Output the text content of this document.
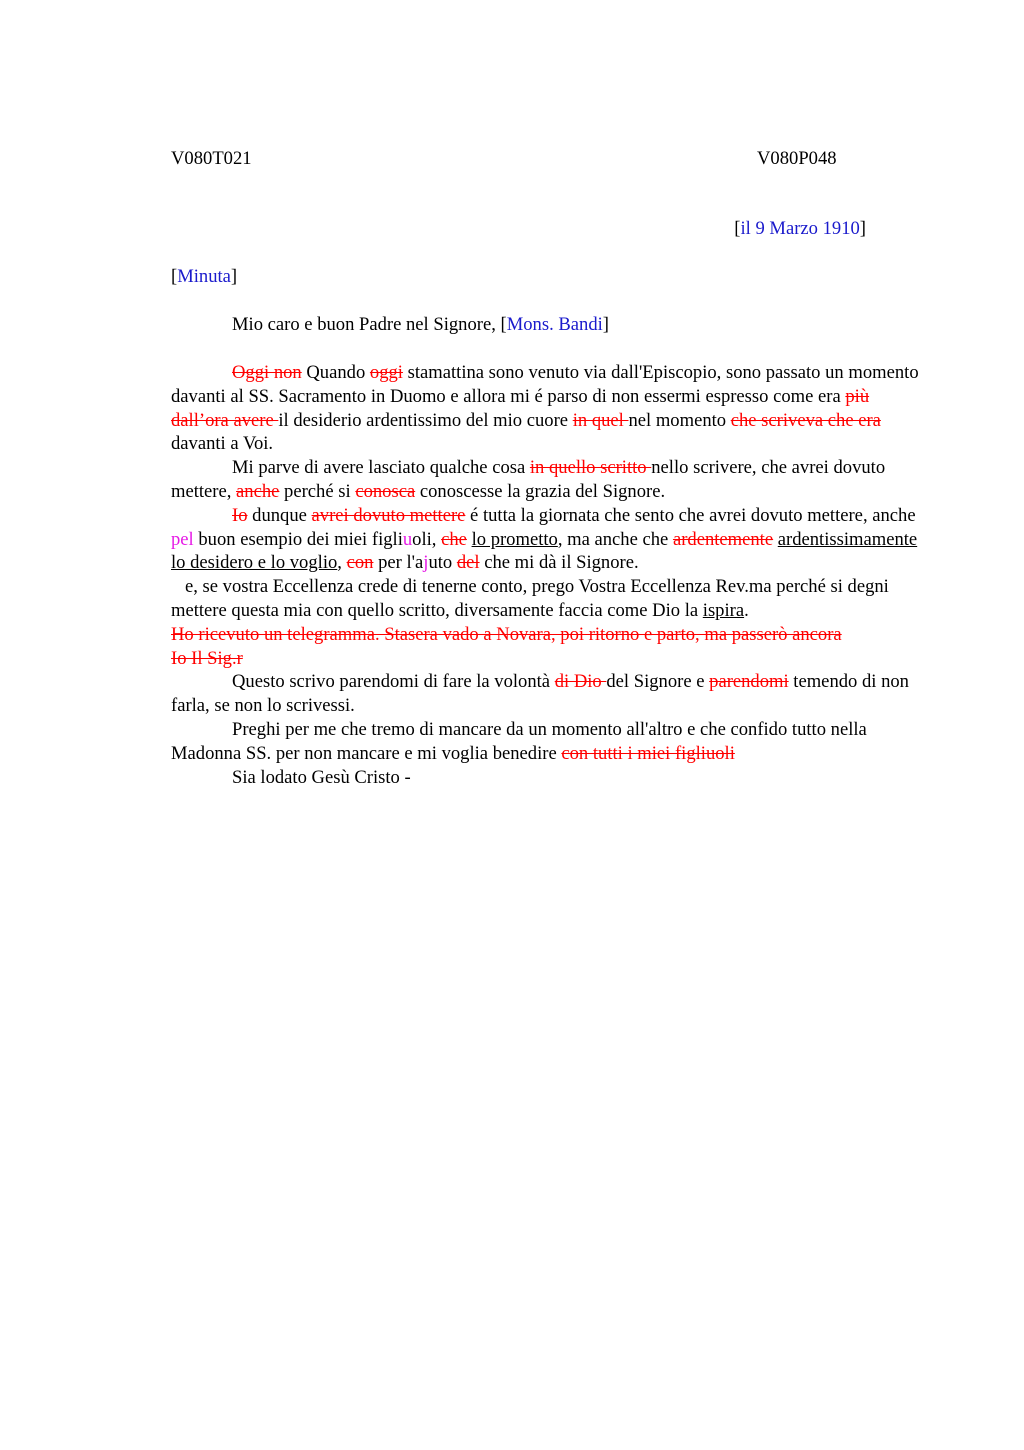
V080T021	V080P048
[il 9 Marzo 1910]
[Minuta]
Mio caro e buon Padre nel Signore, [Mons. Bandi]

Oggi non Quando oggi stamattina sono venuto via dall'Episcopio, sono passato un momento davanti al SS. Sacramento in Duomo e allora mi é parso di non essermi espresso come era più dall’ora avere il desiderio ardentissimo del mio cuore in quel nel momento che scriveva che era davanti a Voi.

Mi parve di avere lasciato qualche cosa in quello scritto nello scrivere, che avrei dovuto mettere, anche perché si conosca conoscesse la grazia del Signore.

Io dunque avrei dovuto mettere é tutta la giornata che sento che avrei dovuto mettere, anche pel buon esempio dei miei figliuoli, che lo prometto, ma anche che ardentemente ardentissimamente lo desidero e lo voglio, con per l'ajuto del che mi dà il Signore.

e, se vostra Eccellenza crede di tenerne conto, prego Vostra Eccellenza Rev.ma perché si degni mettere questa mia con quello scritto, diversamente faccia come Dio la ispira.

Ho ricevuto un telegramma. Stasera vado a Novara, poi ritorno e parto, ma passerò ancora
Io Il Sig.r

Questo scrivo parendomi di fare la volontà di Dio del Signore e parendomi temendo di non farla, se non lo scrivessi.

Preghi per me che tremo di mancare da un momento all'altro e che confido tutto nella Madonna SS. per non mancare e mi voglia benedire con tutti i miei figliuoli

Sia lodato Gesù Cristo -
